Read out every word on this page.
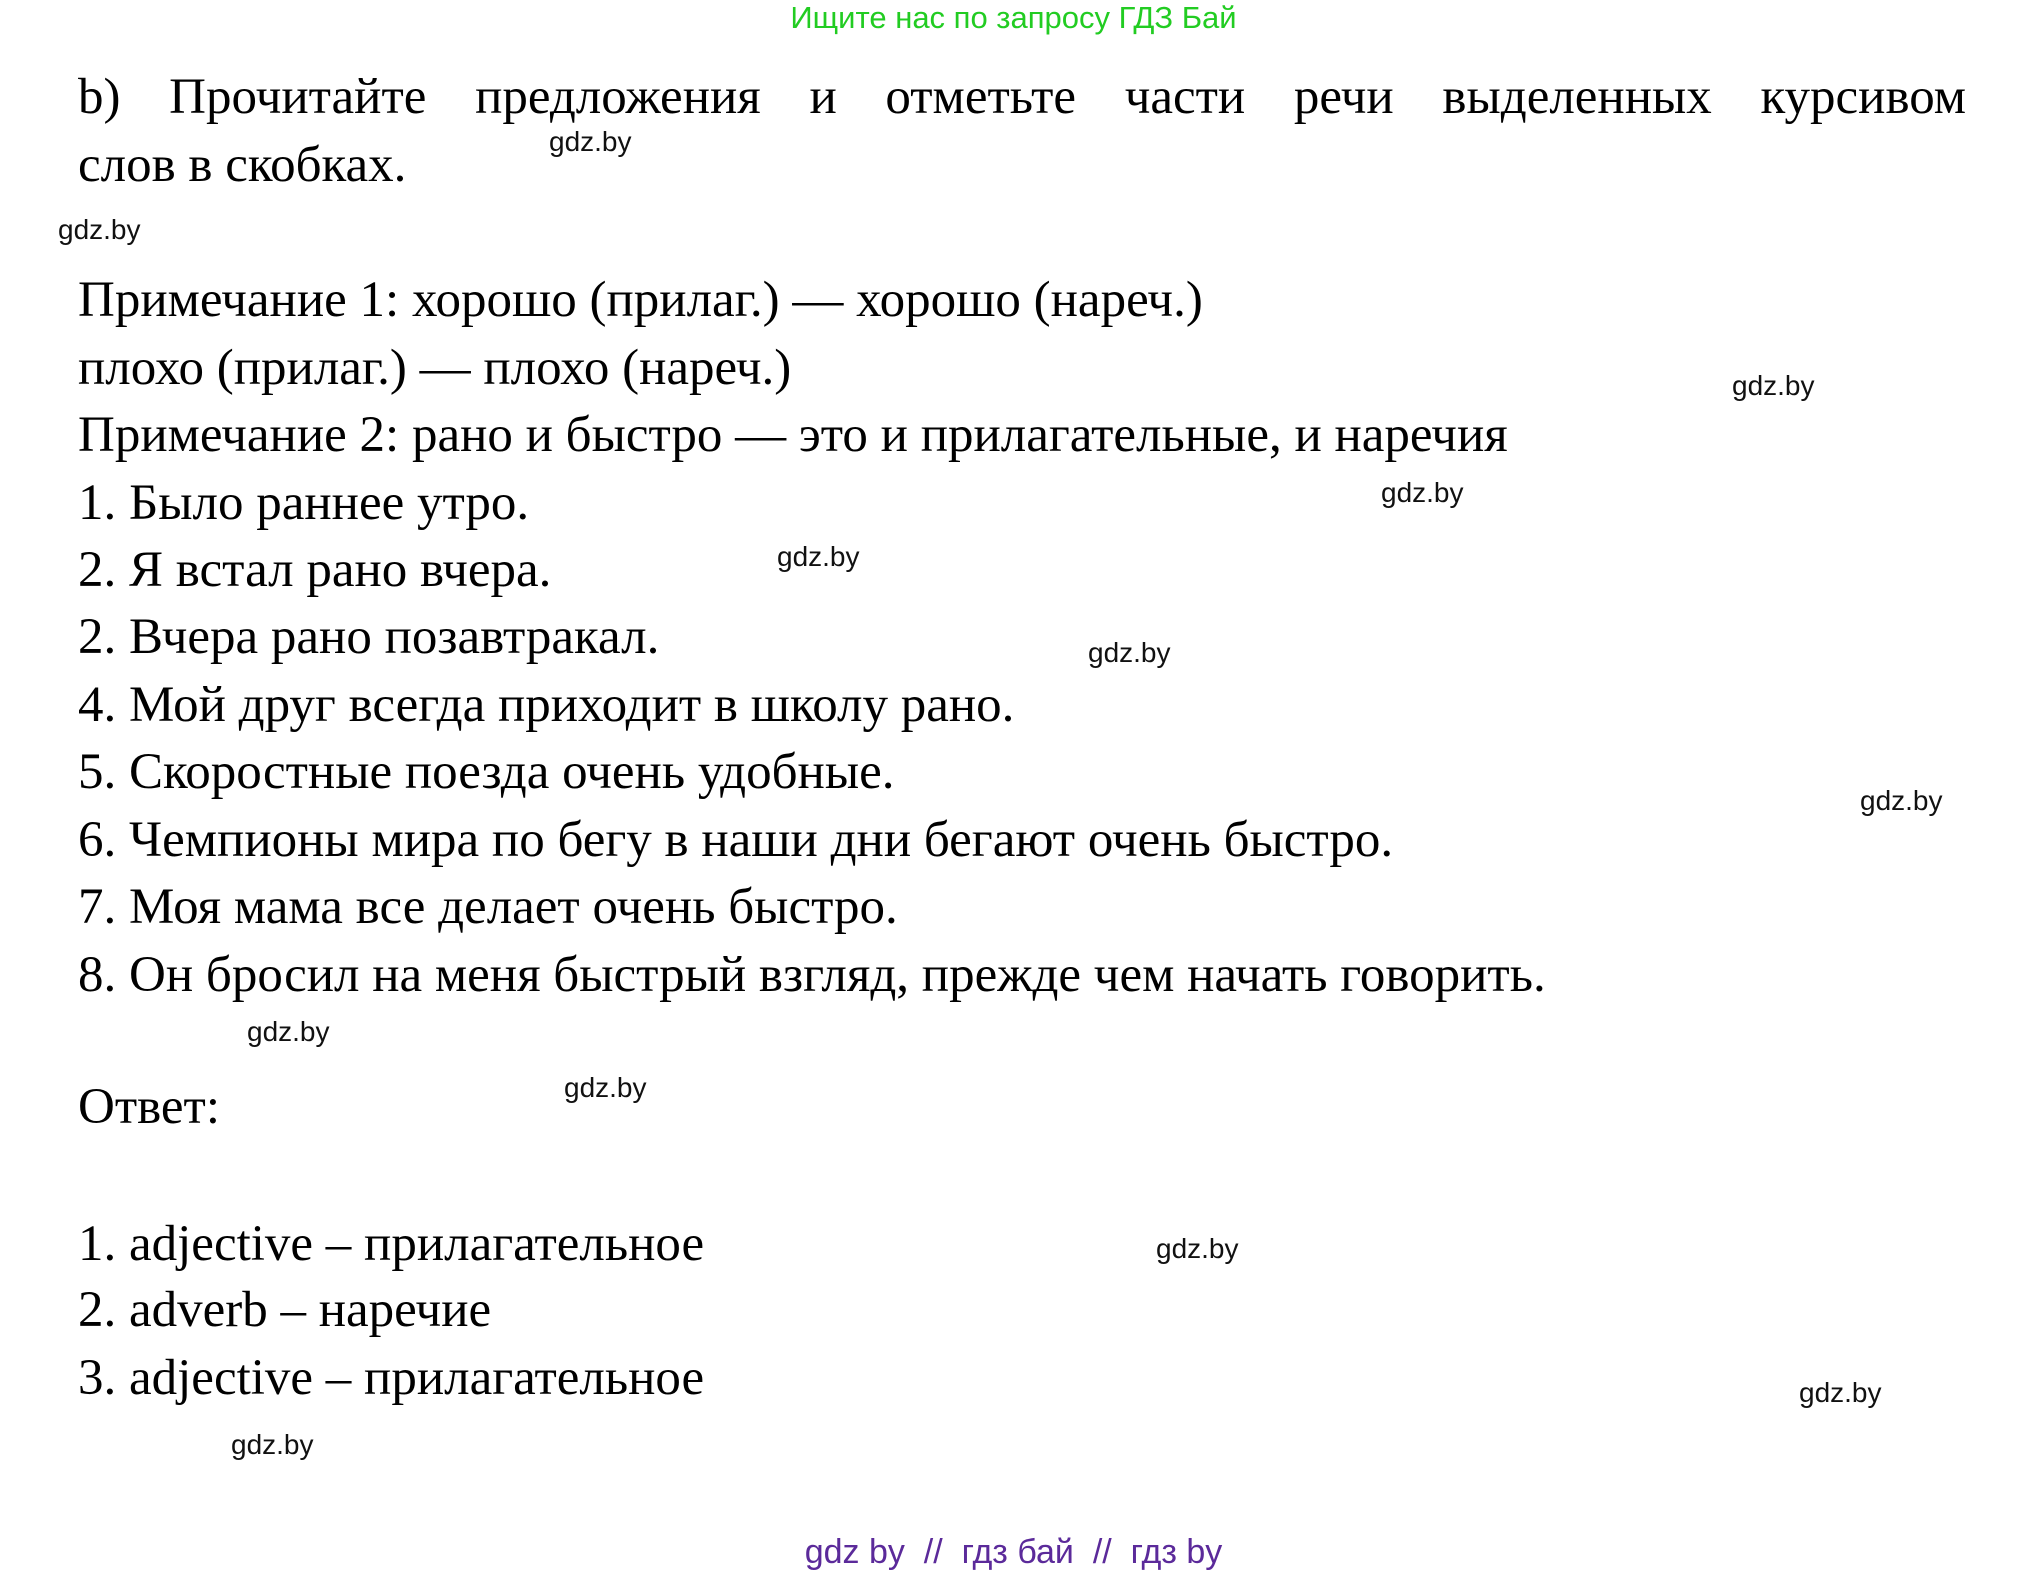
Ищите нас по запросу ГДЗ Бай
b) Прочитайте предложения и отметьте части речи выделенных курсивом
слов в скобках.
Примечание 1: хорошо (прилаг.) — хорошо (нареч.)
плохо (прилаг.) — плохо (нареч.)
Примечание 2: рано и быстро — это и прилагательные, и наречия
1. Было раннее утро.
2. Я встал рано вчера.
2. Вчера рано позавтракал.
4. Мой друг всегда приходит в школу рано.
5. Скоростные поезда очень удобные.
6. Чемпионы мира по бегу в наши дни бегают очень быстро.
7. Моя мама все делает очень быстро.
8. Он бросил на меня быстрый взгляд, прежде чем начать говорить.
Ответ:
1. adjective – прилагательное
2. adverb – наречие
3. adjective – прилагательное
gdz.by
gdz.by
gdz.by
gdz.by
gdz.by
gdz.by
gdz.by
gdz.by
gdz.by
gdz.by
gdz.by
gdz.by
gdz by  //  гдз бай  //  гдз by
